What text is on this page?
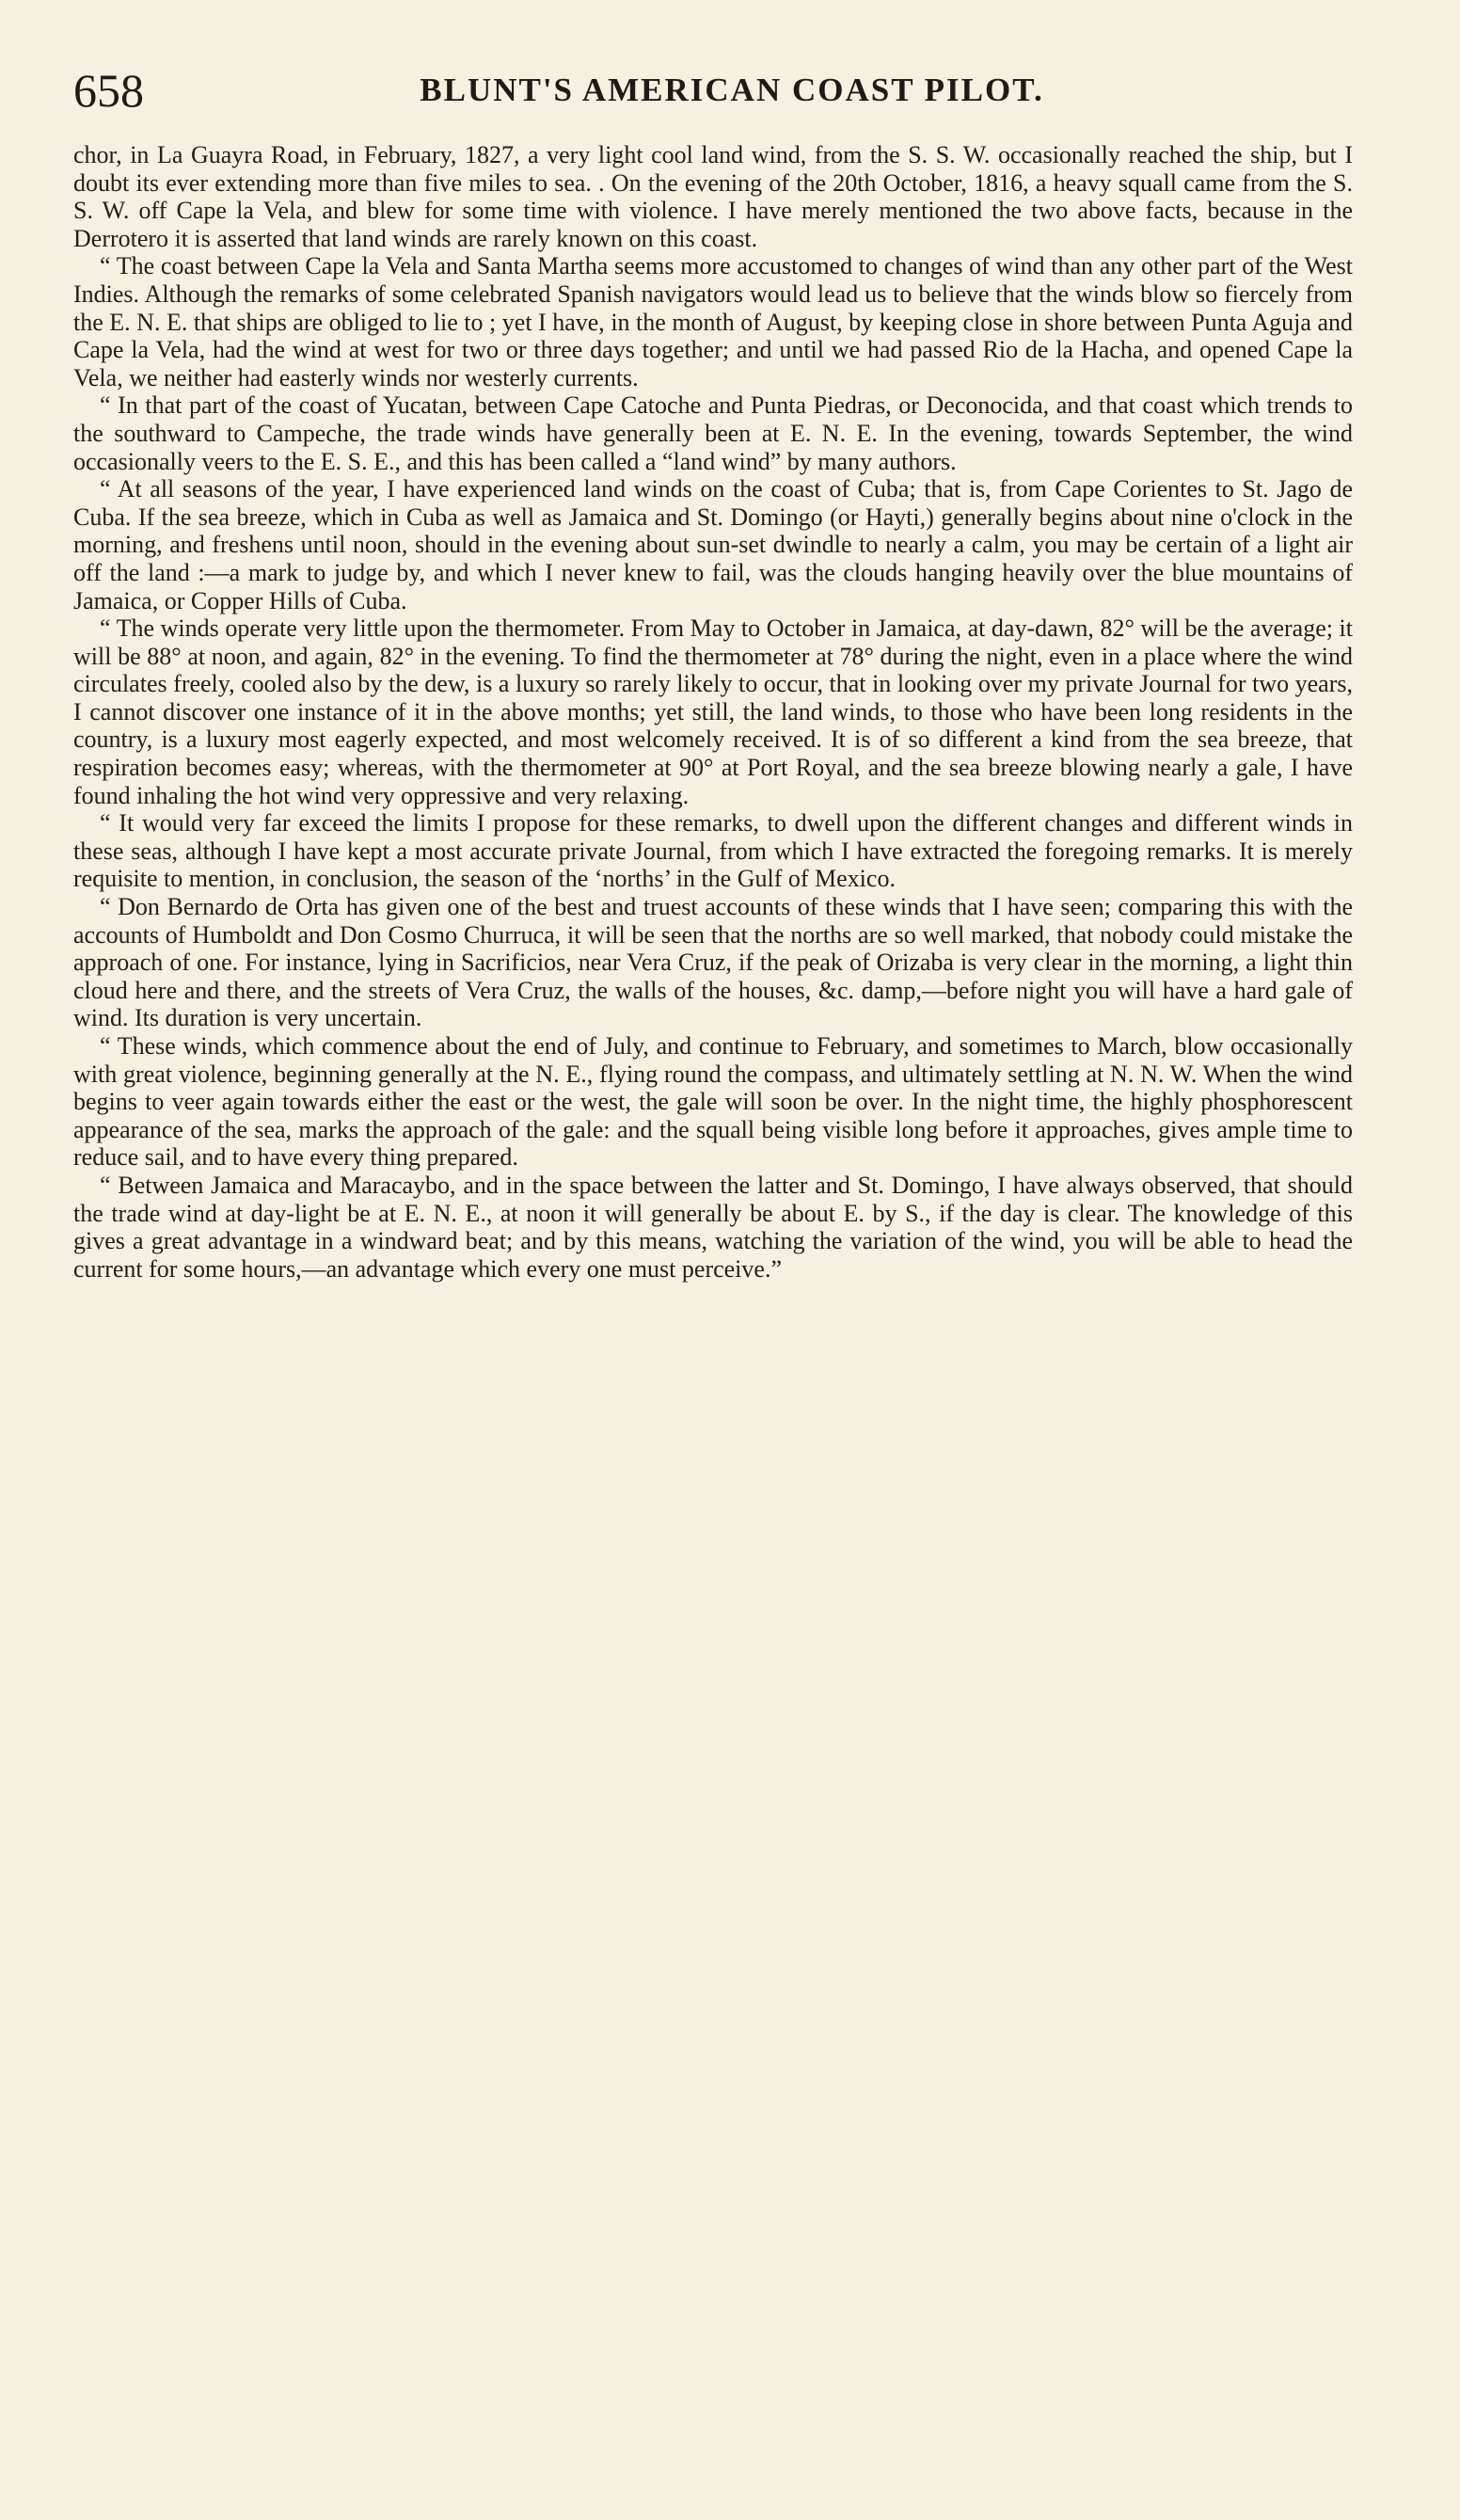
658	BLUNT'S AMERICAN COAST PILOT.

chor, in La Guayra Road, in February, 1827, a very light cool land wind, from the S. S. W. occasionally reached the ship, but I doubt its ever extending more than five miles to sea. . On the evening of the 20th October, 1816, a heavy squall came from the S. S. W. off Cape la Vela, and blew for some time with violence. I have merely mentioned the two above facts, because in the Derrotero it is asserted that land winds are rarely known on this coast.

“ The coast between Cape la Vela and Santa Martha seems more accustomed to changes of wind than any other part of the West Indies. Although the remarks of some celebrated Spanish navigators would lead us to believe that the winds blow so fiercely from the E. N. E. that ships are obliged to lie to ; yet I have, in the month of August, by keeping close in shore between Punta Aguja and Cape la Vela, had the wind at west for two or three days together; and until we had passed Rio de la Hacha, and opened Cape la Vela, we neither had easterly winds nor westerly currents.

“ In that part of the coast of Yucatan, between Cape Catoche and Punta Piedras, or Deconocida, and that coast which trends to the southward to Campeche, the trade winds have generally been at E. N. E. In the evening, towards September, the wind occasionally veers to the E. S. E., and this has been called a “land wind” by many authors.

“ At all seasons of the year, I have experienced land winds on the coast of Cuba; that is, from Cape Corientes to St. Jago de Cuba. If the sea breeze, which in Cuba as well as Jamaica and St. Domingo (or Hayti,) generally begins about nine o'clock in the morning, and freshens until noon, should in the evening about sun-set dwindle to nearly a calm, you may be certain of a light air off the land :—a mark to judge by, and which I never knew to fail, was the clouds hanging heavily over the blue mountains of Jamaica, or Copper Hills of Cuba.

“ The winds operate very little upon the thermometer. From May to October in Jamaica, at day-dawn, 82° will be the average; it will be 88° at noon, and again, 82° in the evening. To find the thermometer at 78° during the night, even in a place where the wind circulates freely, cooled also by the dew, is a luxury so rarely likely to occur, that in looking over my private Journal for two years, I cannot discover one instance of it in the above months; yet still, the land winds, to those who have been long residents in the country, is a luxury most eagerly expected, and most welcomely received. It is of so different a kind from the sea breeze, that respiration becomes easy; whereas, with the thermometer at 90° at Port Royal, and the sea breeze blowing nearly a gale, I have found inhaling the hot wind very oppressive and very relaxing.

“ It would very far exceed the limits I propose for these remarks, to dwell upon the different changes and different winds in these seas, although I have kept a most accurate private Journal, from which I have extracted the foregoing remarks. It is merely requisite to mention, in conclusion, the season of the ‘norths’ in the Gulf of Mexico.

“ Don Bernardo de Orta has given one of the best and truest accounts of these winds that I have seen; comparing this with the accounts of Humboldt and Don Cosmo Churruca, it will be seen that the norths are so well marked, that nobody could mistake the approach of one. For instance, lying in Sacrificios, near Vera Cruz, if the peak of Orizaba is very clear in the morning, a light thin cloud here and there, and the streets of Vera Cruz, the walls of the houses, &c. damp,—before night you will have a hard gale of wind. Its duration is very uncertain.

“ These winds, which commence about the end of July, and continue to February, and sometimes to March, blow occasionally with great violence, beginning generally at the N. E., flying round the compass, and ultimately settling at N. N. W. When the wind begins to veer again towards either the east or the west, the gale will soon be over. In the night time, the highly phosphorescent appearance of the sea, marks the approach of the gale: and the squall being visible long before it approaches, gives ample time to reduce sail, and to have every thing prepared.

“ Between Jamaica and Maracaybo, and in the space between the latter and St. Domingo, I have always observed, that should the trade wind at day-light be at E. N. E., at noon it will generally be about E. by S., if the day is clear. The knowledge of this gives a great advantage in a windward beat; and by this means, watching the variation of the wind, you will be able to head the current for some hours,—an advantage which every one must perceive.”
